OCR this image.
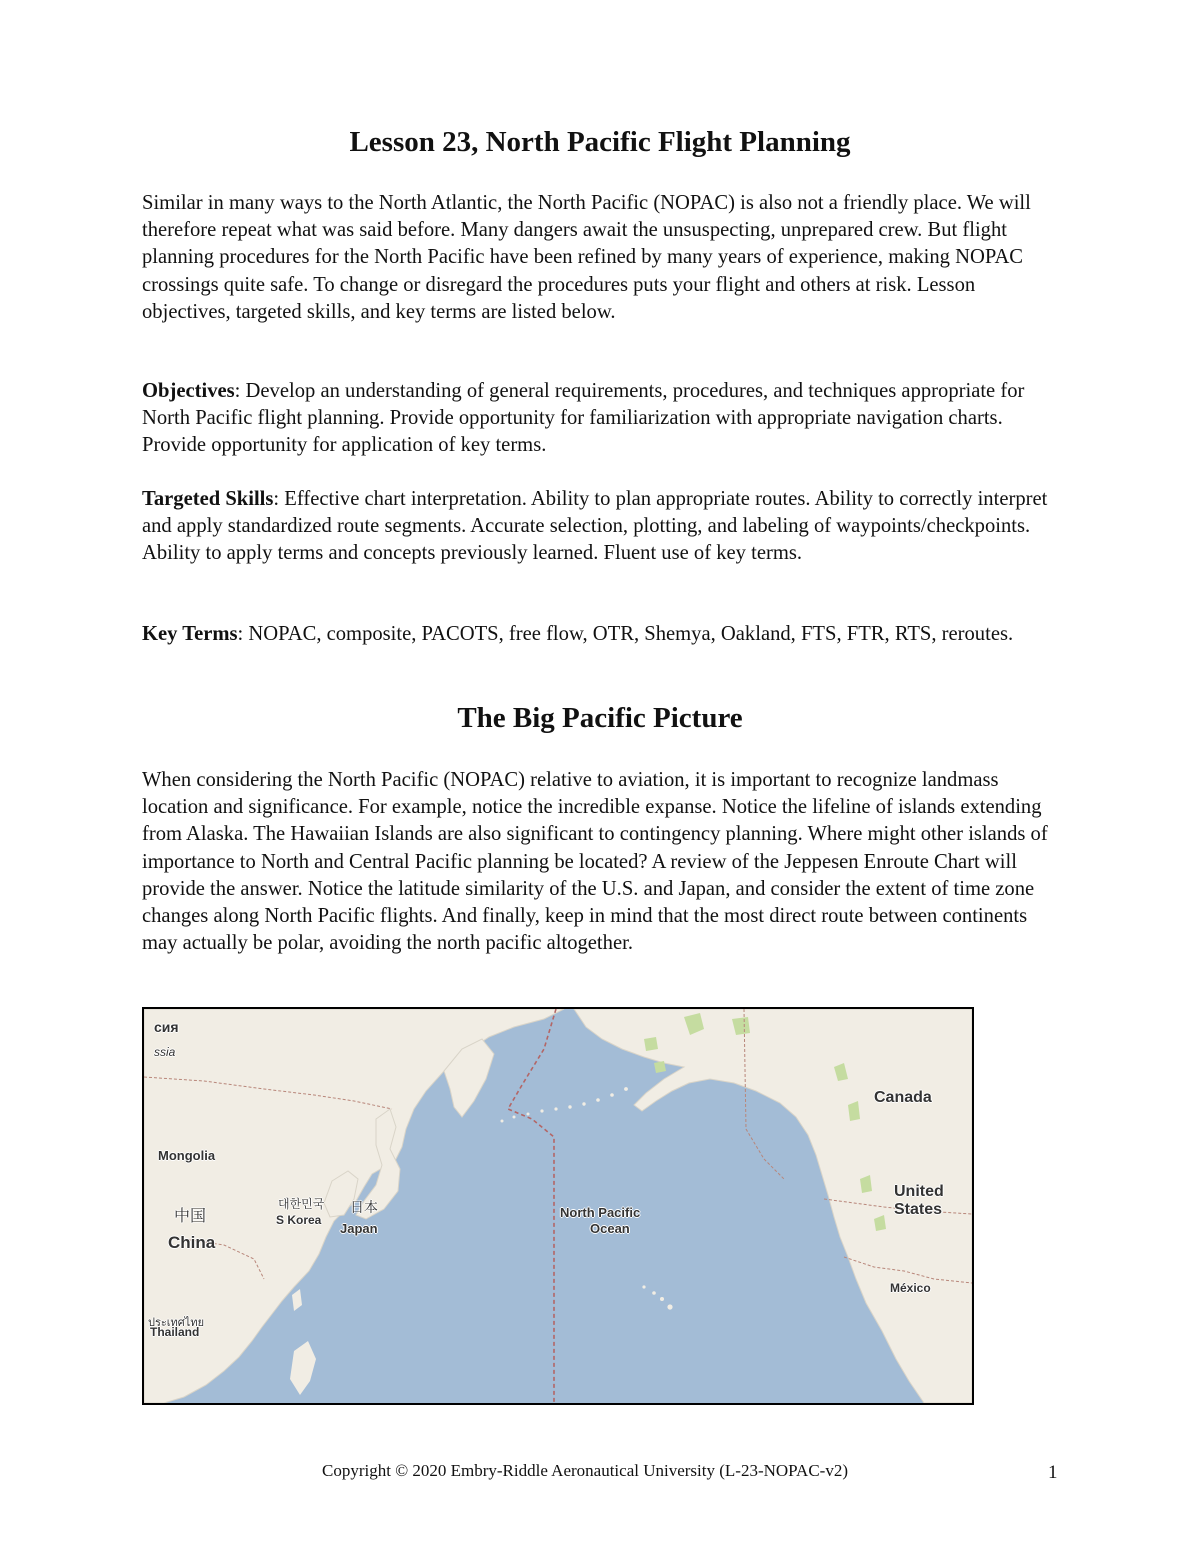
Lesson 23, North Pacific Flight Planning

Similar in many ways to the North Atlantic, the North Pacific (NOPAC) is also not a friendly place. We will therefore repeat what was said before. Many dangers await the unsuspecting, unprepared crew. But flight planning procedures for the North Pacific have been refined by many years of experience, making NOPAC crossings quite safe. To change or disregard the procedures puts your flight and others at risk. Lesson objectives, targeted skills, and key terms are listed below.

Objectives: Develop an understanding of general requirements, procedures, and techniques appropriate for North Pacific flight planning. Provide opportunity for familiarization with appropriate navigation charts. Provide opportunity for application of key terms.

Targeted Skills: Effective chart interpretation. Ability to plan appropriate routes. Ability to correctly interpret and apply standardized route segments. Accurate selection, plotting, and labeling of waypoints/checkpoints. Ability to apply terms and concepts previously learned. Fluent use of key terms.

Key Terms: NOPAC, composite, PACOTS, free flow, OTR, Shemya, Oakland, FTS, FTR, RTS, reroutes.

The Big Pacific Picture

When considering the North Pacific (NOPAC) relative to aviation, it is important to recognize landmass location and significance. For example, notice the incredible expanse. Notice the lifeline of islands extending from Alaska. The Hawaiian Islands are also significant to contingency planning. Where might other islands of importance to North and Central Pacific planning be located? A review of the Jeppesen Enroute Chart will provide the answer. Notice the latitude similarity of the U.S. and Japan, and consider the extent of time zone changes along North Pacific flights. And finally, keep in mind that the most direct route between continents may actually be polar, avoiding the north pacific altogether.

сия
ssia
Mongolia
中国
China
대한민국
S Korea
日本
Japan
ประเทศไทย
Thailand
North Pacific
Ocean
Canada
United
States
México
Copyright © 2020 Embry-Riddle Aeronautical University (L-23-NOPAC-v2)	1
